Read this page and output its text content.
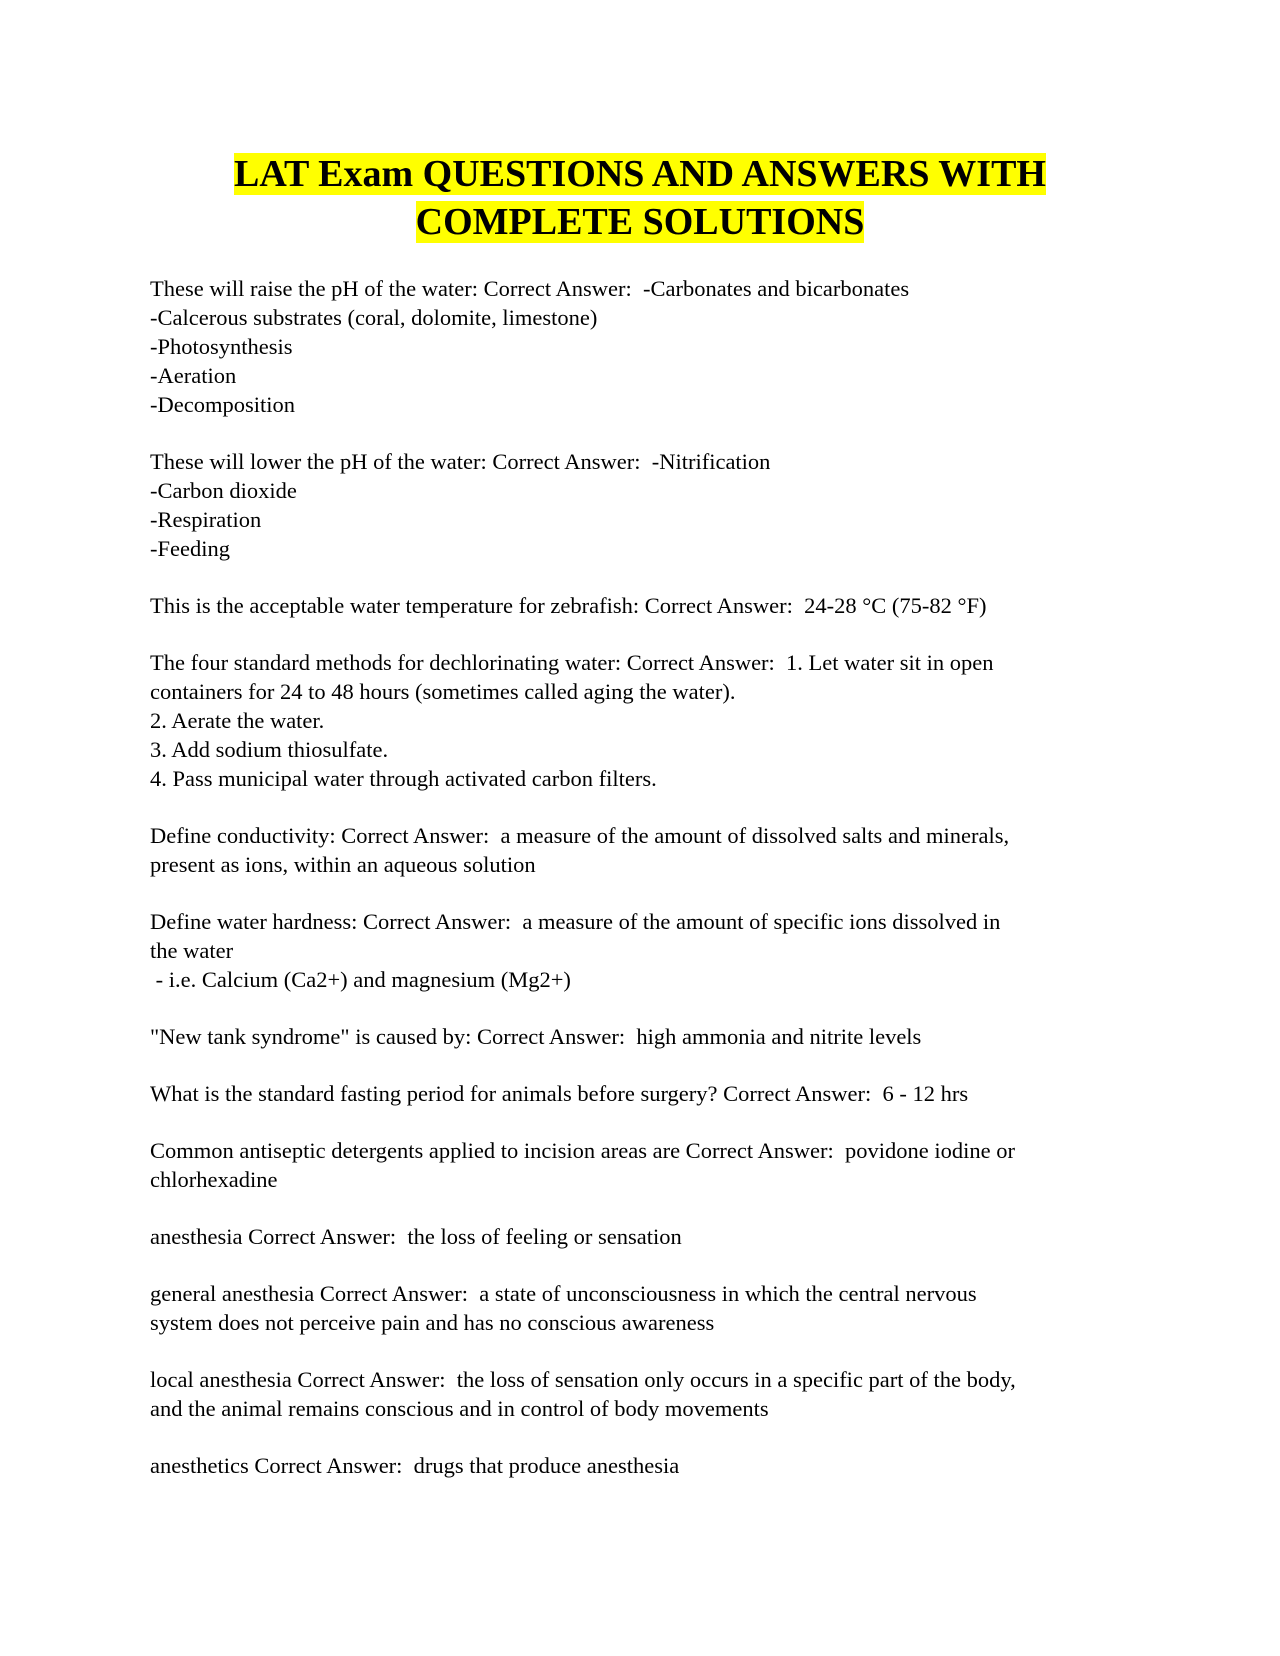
LAT Exam QUESTIONS AND ANSWERS WITH
COMPLETE SOLUTIONS
These will raise the pH of the water: Correct Answer:  -Carbonates and bicarbonates
-Calcerous substrates (coral, dolomite, limestone)
-Photosynthesis
-Aeration
-Decomposition
These will lower the pH of the water: Correct Answer:  -Nitrification
-Carbon dioxide
-Respiration
-Feeding
This is the acceptable water temperature for zebrafish: Correct Answer:  24-28 °C (75-82 °F)
The four standard methods for dechlorinating water: Correct Answer:  1. Let water sit in open
containers for 24 to 48 hours (sometimes called aging the water).
2. Aerate the water.
3. Add sodium thiosulfate.
4. Pass municipal water through activated carbon filters.
Define conductivity: Correct Answer:  a measure of the amount of dissolved salts and minerals,
present as ions, within an aqueous solution
Define water hardness: Correct Answer:  a measure of the amount of specific ions dissolved in
the water
- i.e. Calcium (Ca2+) and magnesium (Mg2+)
"New tank syndrome" is caused by: Correct Answer:  high ammonia and nitrite levels
What is the standard fasting period for animals before surgery? Correct Answer:  6 - 12 hrs
Common antiseptic detergents applied to incision areas are Correct Answer:  povidone iodine or
chlorhexadine
anesthesia Correct Answer:  the loss of feeling or sensation
general anesthesia Correct Answer:  a state of unconsciousness in which the central nervous
system does not perceive pain and has no conscious awareness
local anesthesia Correct Answer:  the loss of sensation only occurs in a specific part of the body,
and the animal remains conscious and in control of body movements
anesthetics Correct Answer:  drugs that produce anesthesia
